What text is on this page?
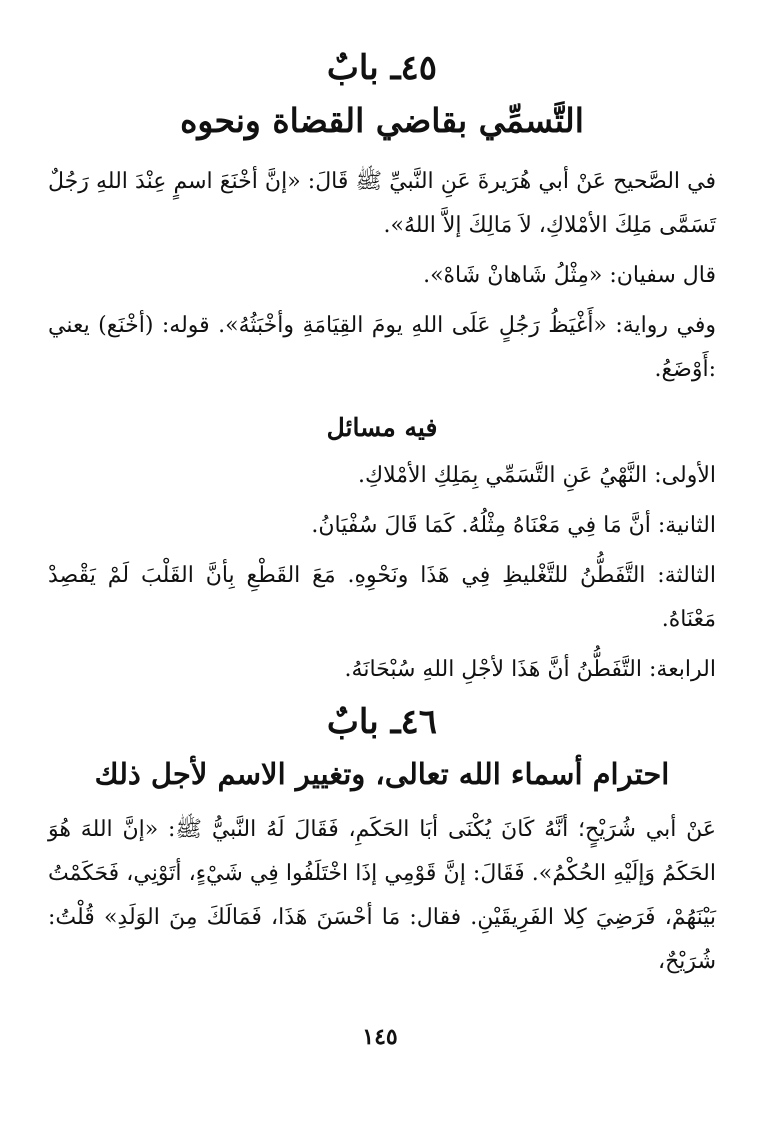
٤٥ـ بابٌ
التَّسمِّي بقاضي القضاة ونحوه

في الصَّحيح عَنْ أبي هُرَيرةَ عَنِ النَّبيِّ ﷺ قَالَ: «إنَّ أخْنَعَ اسمٍ عِنْدَ اللهِ رَجُلٌ تَسَمَّى مَلِكَ الأمْلاكِ، لاَ مَالِكَ إلاَّ اللهُ».

قال سفيان: «مِثْلُ شَاهانْ شَاهْ».

وفي رواية: «أَغْيَظُ رَجُلٍ عَلَى اللهِ يومَ القِيَامَةِ وأخْبَثُهُ». قوله: (أخْنَع) يعني :أَوْضَعُ.

فيه مسائل

الأولى: النَّهْيُ عَنِ التَّسَمِّي بِمَلِكِ الأمْلاكِ.

الثانية: أنَّ مَا فِي مَعْنَاهُ مِثْلُهُ. كَمَا قَالَ سُفْيَانُ.

الثالثة: التَّفَطُّنُ للتَّغْليظِ فِي هَذَا ونَحْوِهِ. مَعَ القَطْعِ بِأنَّ القَلْبَ لَمْ يَقْصِدْ مَعْنَاهُ.

الرابعة: التَّفَطُّنُ أنَّ هَذَا لأجْلِ اللهِ سُبْحَانَهُ.

٤٦ـ بابٌ
احترام أسماء الله تعالى، وتغيير الاسم لأجل ذلك

عَنْ أبي شُرَيْحٍ؛ أنَّهُ كَانَ يُكْنَى أبَا الحَكَمِ، فَقَالَ لَهُ النَّبيُّ ﷺ: «إنَّ اللهَ هُوَ الحَكَمُ وَإلَيْهِ الحُكْمُ». فَقَالَ: إنَّ قَوْمِي إذَا اخْتَلَفُوا فِي شَيْءٍ، أتَوْنِي، فَحَكَمْتُ بَيْنَهُمْ، فَرَضِيَ كِلا الفَرِيقَيْنِ. فقال: مَا أحْسَنَ هَذَا، فَمَالَكَ مِنَ الوَلَدِ» قُلْتُ: شُرَيْحٌ،

١٤٥
